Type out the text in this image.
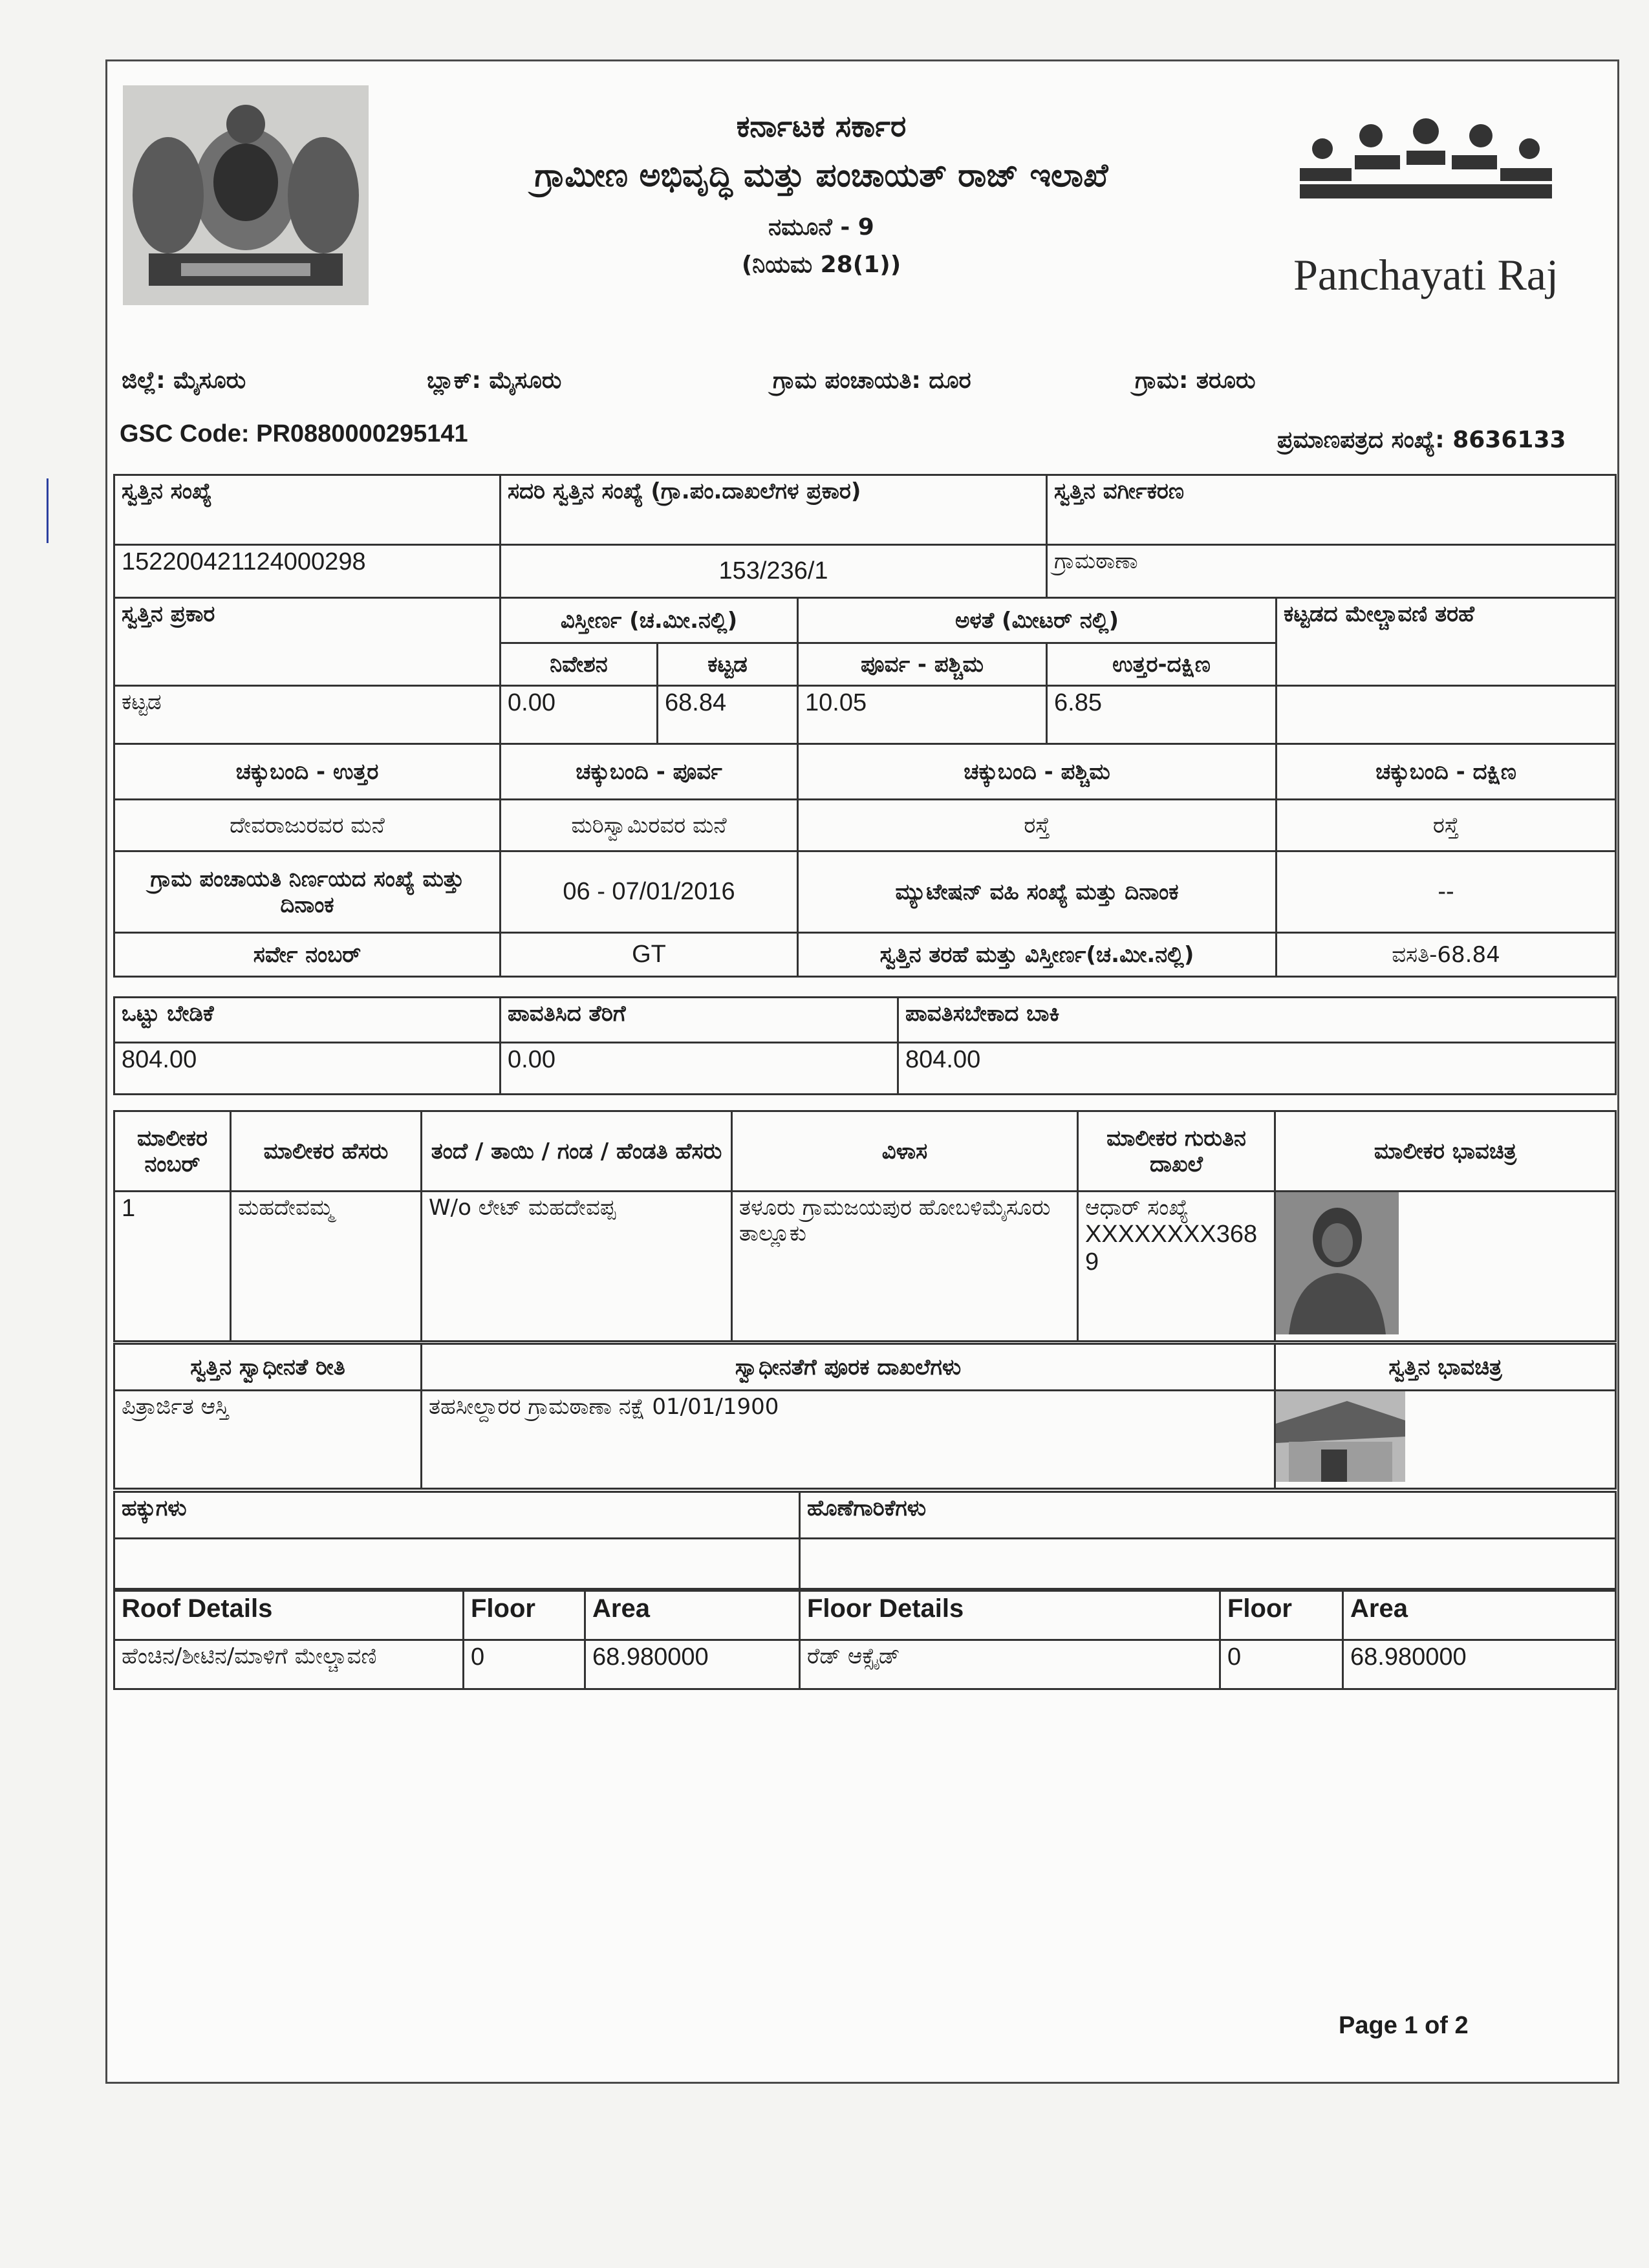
ಕರ್ನಾಟಕ ಸರ್ಕಾರ
ಗ್ರಾಮೀಣ ಅಭಿವೃದ್ಧಿ ಮತ್ತು ಪಂಚಾಯತ್ ರಾಜ್ ಇಲಾಖೆ
ನಮೂನೆ - 9
(ನಿಯಮ 28(1))	Panchayati Raj
ಜಿಲ್ಲೆ: ಮೈಸೂರು	ಬ್ಲಾಕ್: ಮೈಸೂರು	ಗ್ರಾಮ ಪಂಚಾಯತಿ: ದೂರ	ಗ್ರಾಮ: ತರೂರು
GSC Code: PR0880000295141	ಪ್ರಮಾಣಪತ್ರದ ಸಂಖ್ಯೆ: 8636133
ಸ್ವತ್ತಿನ ಸಂಖ್ಯೆ	ಸದರಿ ಸ್ವತ್ತಿನ ಸಂಖ್ಯೆ (ಗ್ರಾ.ಪಂ.ದಾಖಲೆಗಳ ಪ್ರಕಾರ)	ಸ್ವತ್ತಿನ ವರ್ಗೀಕರಣ
152200421124000298	153/236/1	ಗ್ರಾಮಠಾಣಾ
ಸ್ವತ್ತಿನ ಪ್ರಕಾರ	ವಿಸ್ತೀರ್ಣ (ಚ.ಮೀ.ನಲ್ಲಿ)		ಅಳತೆ (ಮೀಟರ್ ನಲ್ಲಿ)		ಕಟ್ಟಡದ ಮೇಲ್ಚಾವಣಿ ತರಹೆ
	ನಿವೇಶನ	ಕಟ್ಟಡ	ಪೂರ್ವ - ಪಶ್ಚಿಮ	ಉತ್ತರ-ದಕ್ಷಿಣ	
ಕಟ್ಟಡ	0.00	68.84	10.05	6.85	
ಚಕ್ಕುಬಂದಿ - ಉತ್ತರ	ಚಕ್ಕುಬಂದಿ - ಪೂರ್ವ	ಚಕ್ಕುಬಂದಿ - ಪಶ್ಚಿಮ	ಚಕ್ಕುಬಂದಿ - ದಕ್ಷಿಣ
ದೇವರಾಜುರವರ ಮನೆ	ಮರಿಸ್ವಾಮಿರವರ ಮನೆ	ರಸ್ತೆ	ರಸ್ತೆ
ಗ್ರಾಮ ಪಂಚಾಯತಿ ನಿರ್ಣಯದ ಸಂಖ್ಯೆ ಮತ್ತು ದಿನಾಂಕ	06 - 07/01/2016	ಮ್ಯುಟೇಷನ್ ವಹಿ ಸಂಖ್ಯೆ ಮತ್ತು ದಿನಾಂಕ	--
ಸರ್ವೇ ನಂಬರ್	GT	ಸ್ವತ್ತಿನ ತರಹೆ ಮತ್ತು ವಿಸ್ತೀರ್ಣ(ಚ.ಮೀ.ನಲ್ಲಿ)	ವಸತಿ-68.84
ಒಟ್ಟು ಬೇಡಿಕೆ	ಪಾವತಿಸಿದ ತೆರಿಗೆ	ಪಾವತಿಸಬೇಕಾದ ಬಾಕಿ
804.00	0.00	804.00
ಮಾಲೀಕರ ನಂಬರ್	ಮಾಲೀಕರ ಹೆಸರು	ತಂದೆ / ತಾಯಿ / ಗಂಡ / ಹೆಂಡತಿ ಹೆಸರು	ವಿಳಾಸ	ಮಾಲೀಕರ ಗುರುತಿನ ದಾಖಲೆ	ಮಾಲೀಕರ ಭಾವಚಿತ್ರ
1	ಮಹದೇವಮ್ಮ	W/o ಲೇಟ್ ಮಹದೇವಪ್ಪ	ತಳೂರು ಗ್ರಾಮಜಯಪುರ ಹೋಬಳಿಮೈಸೂರು ತಾಲ್ಲೂಕು	ಆಧಾರ್ ಸಂಖ್ಯೆ
XXXXXXXX3689

ಸ್ವತ್ತಿನ ಸ್ವಾಧೀನತೆ ರೀತಿ	ಸ್ವಾಧೀನತೆಗೆ ಪೂರಕ ದಾಖಲೆಗಳು	ಸ್ವತ್ತಿನ ಭಾವಚಿತ್ರ
ಪಿತ್ರಾರ್ಜಿತ ಆಸ್ತಿ	ತಹಸೀಲ್ದಾರರ ಗ್ರಾಮಠಾಣಾ ನಕ್ಷೆ 01/01/1900	
ಹಕ್ಕುಗಳು	ಹೊಣೆಗಾರಿಕೆಗಳು

Roof Details	Floor	Area	Floor Details	Floor	Area
ಹೆಂಚಿನ/ಶೀಟಿನ/ಮಾಳಿಗೆ ಮೇಲ್ಚಾವಣಿ	0	68.980000	ರೆಡ್ ಆಕ್ಸೈಡ್	0	68.980000
Page 1 of 2
